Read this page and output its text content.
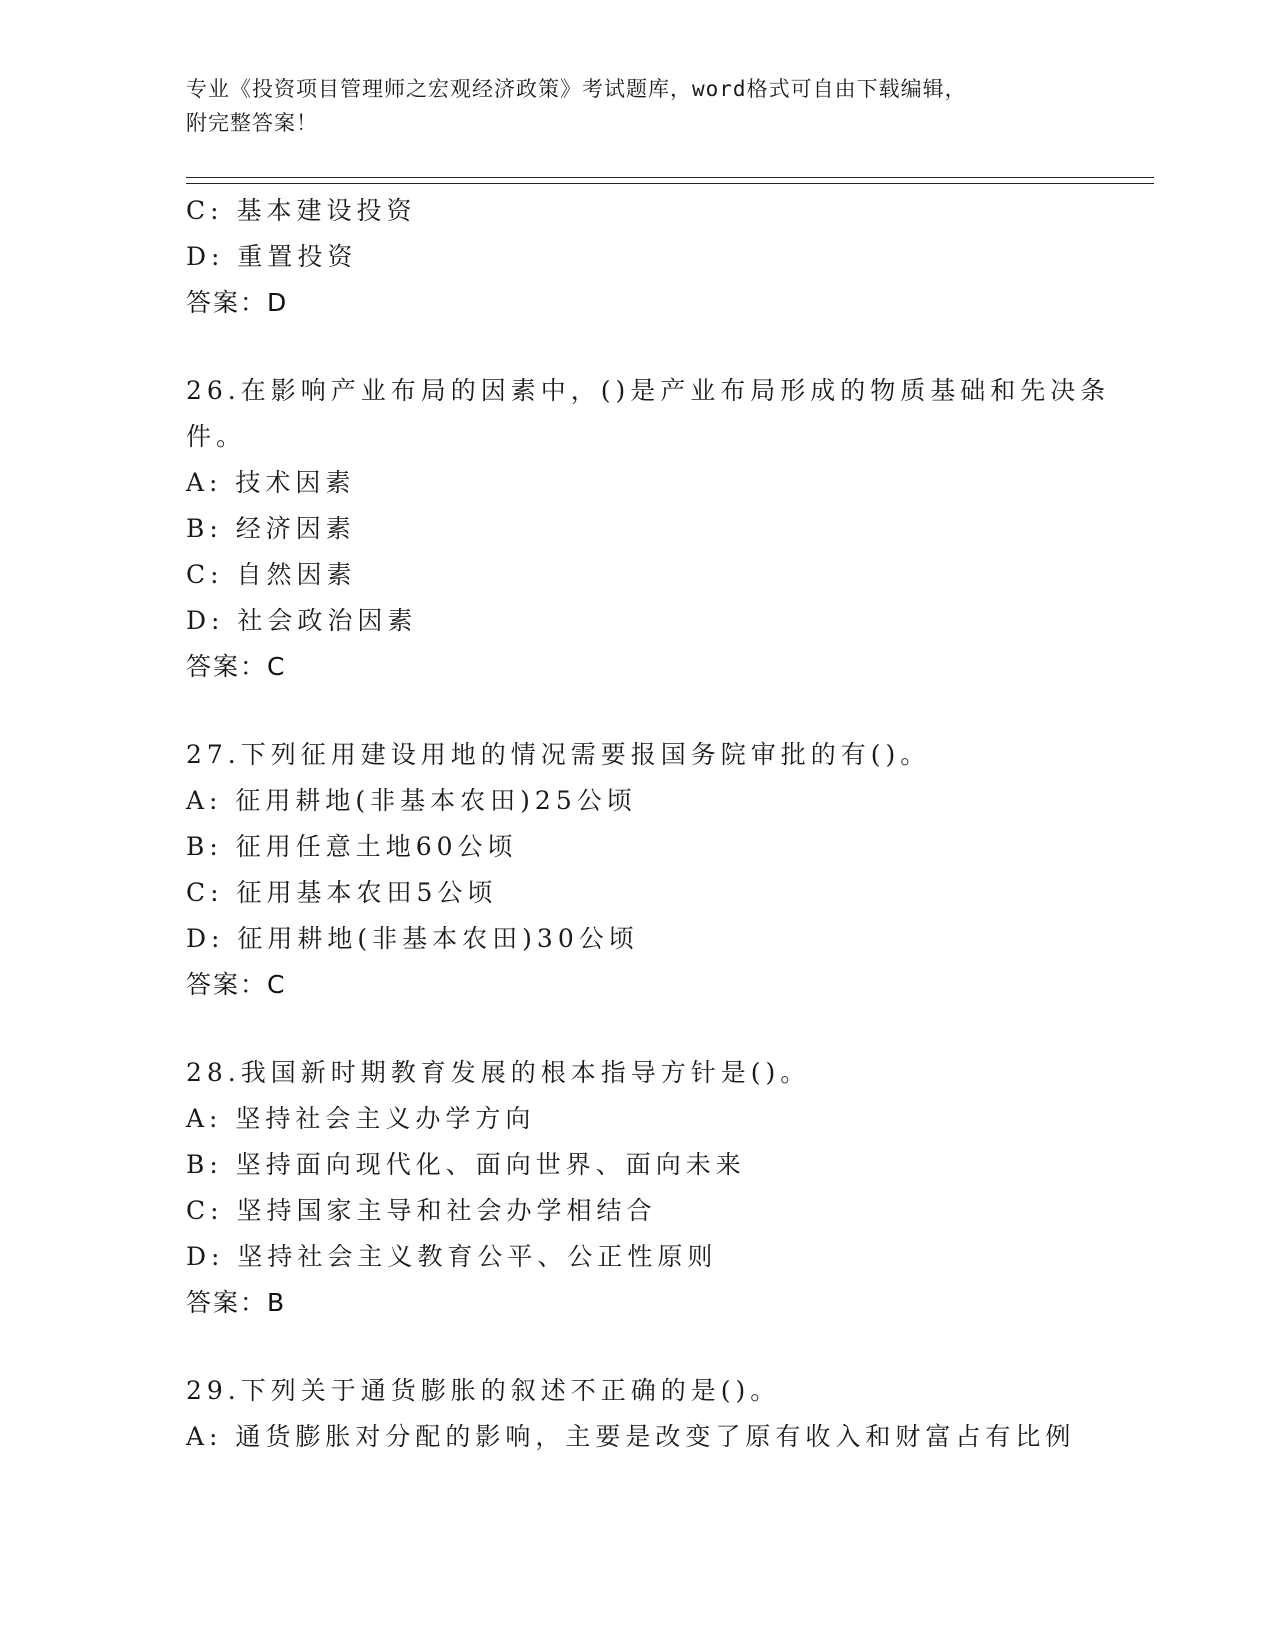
专业《投资项目管理师之宏观经济政策》考试题库，word格式可自由下载编辑，
附完整答案！
C: 基本建设投资
D: 重置投资
答案：D
26.在影响产业布局的因素中，()是产业布局形成的物质基础和先决条
件。
A: 技术因素
B: 经济因素
C: 自然因素
D: 社会政治因素
答案：C
27.下列征用建设用地的情况需要报国务院审批的有()。
A: 征用耕地(非基本农田)25公顷
B: 征用任意土地60公顷
C: 征用基本农田5公顷
D: 征用耕地(非基本农田)30公顷
答案：C
28.我国新时期教育发展的根本指导方针是()。
A: 坚持社会主义办学方向
B: 坚持面向现代化、面向世界、面向未来
C: 坚持国家主导和社会办学相结合
D: 坚持社会主义教育公平、公正性原则
答案：B
29.下列关于通货膨胀的叙述不正确的是()。
A: 通货膨胀对分配的影响，主要是改变了原有收入和财富占有比例
